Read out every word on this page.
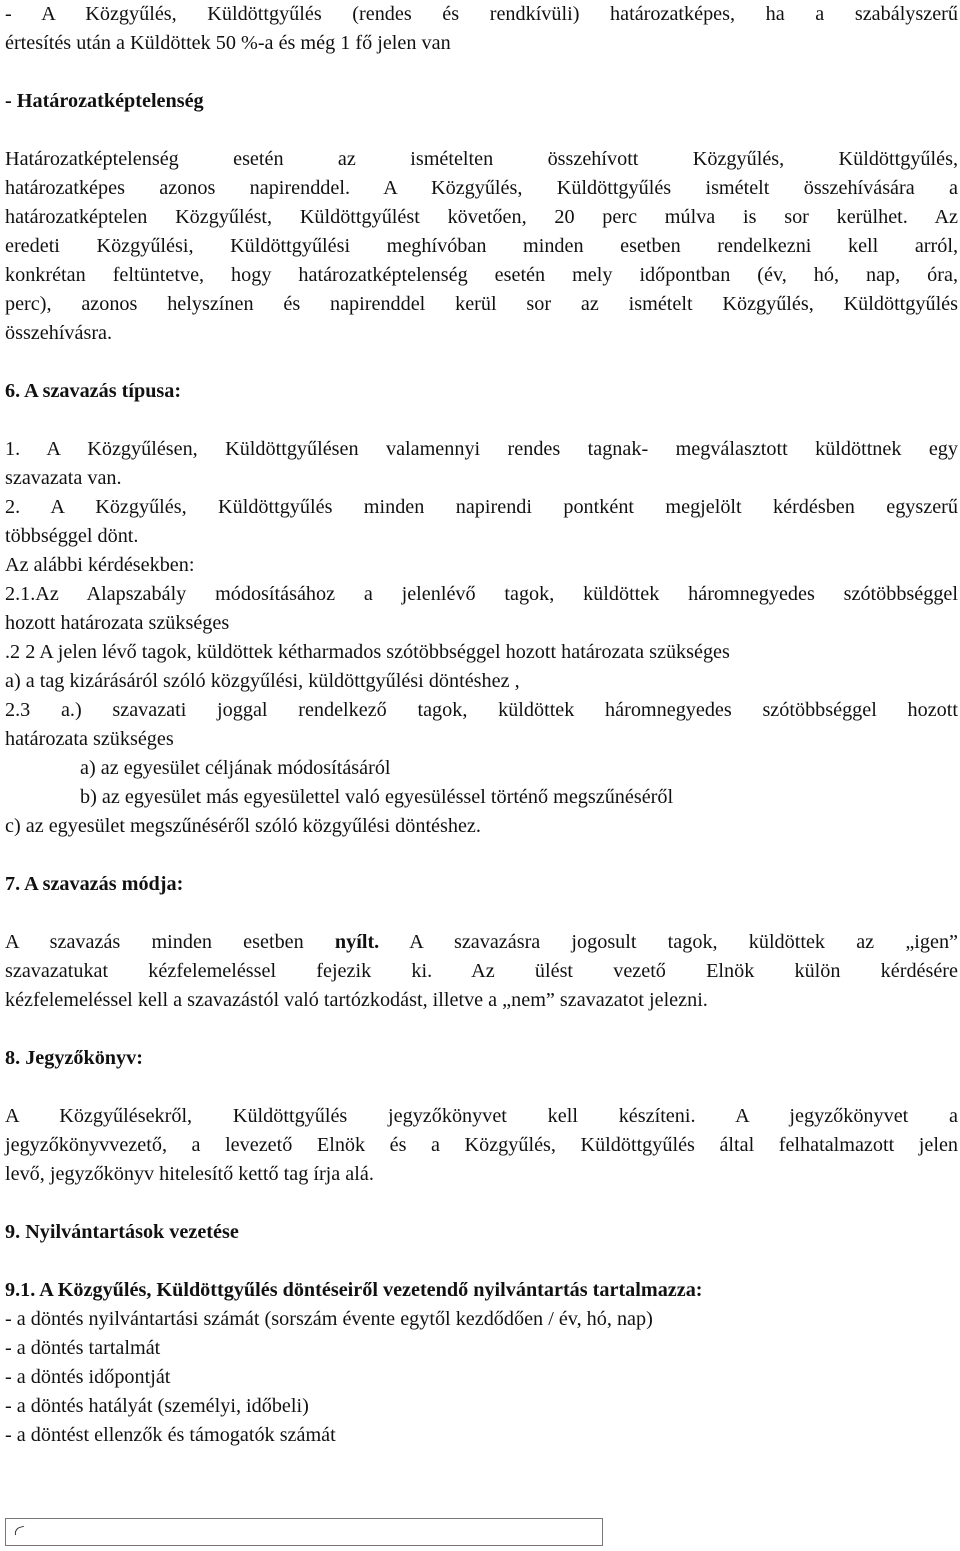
- A Közgyűlés, Küldöttgyűlés (rendes és rendkívüli) határozatképes, ha a szabályszerű
értesítés után a Küldöttek 50 %-a és még 1 fő jelen van
- Határozatképtelenség
Határozatképtelenség esetén az ismételten összehívott Közgyűlés, Küldöttgyűlés,
határozatképes azonos napirenddel. A Közgyűlés, Küldöttgyűlés ismételt összehívására a
határozatképtelen Közgyűlést, Küldöttgyűlést követően, 20 perc múlva is sor kerülhet. Az
eredeti Közgyűlési, Küldöttgyűlési meghívóban minden esetben rendelkezni kell arról,
konkrétan feltüntetve, hogy határozatképtelenség esetén mely időpontban (év, hó, nap, óra,
perc), azonos helyszínen és napirenddel kerül sor az ismételt Közgyűlés, Küldöttgyűlés
összehívásra.
6. A szavazás típusa:
1. A Közgyűlésen, Küldöttgyűlésen valamennyi rendes tagnak- megválasztott küldöttnek egy
szavazata van.
2. A Közgyűlés, Küldöttgyűlés minden napirendi pontként megjelölt kérdésben egyszerű
többséggel dönt.
Az alábbi kérdésekben:
2.1.Az Alapszabály módosításához a jelenlévő tagok, küldöttek háromnegyedes szótöbbséggel
hozott határozata szükséges
.2 2 A jelen lévő tagok, küldöttek kétharmados szótöbbséggel hozott határozata szükséges
a) a tag kizárásáról szóló közgyűlési, küldöttgyűlési döntéshez ,
2.3 a.) szavazati joggal rendelkező tagok, küldöttek háromnegyedes szótöbbséggel hozott
határozata szükséges
a) az egyesület céljának módosításáról
b) az egyesület más egyesülettel való egyesüléssel történő megszűnéséről
c) az egyesület megszűnéséről szóló közgyűlési döntéshez.
7. A szavazás módja:
A szavazás minden esetben nyílt. A szavazásra jogosult tagok, küldöttek az „igen”
szavazatukat kézfelemeléssel fejezik ki. Az ülést vezető Elnök külön kérdésére
kézfelemeléssel kell a szavazástól való tartózkodást, illetve a „nem” szavazatot jelezni.
8. Jegyzőkönyv:
A Közgyűlésekről, Küldöttgyűlés jegyzőkönyvet kell készíteni. A jegyzőkönyvet a
jegyzőkönyvvezető, a levezető Elnök és a Közgyűlés, Küldöttgyűlés által felhatalmazott jelen
levő, jegyzőkönyv hitelesítő kettő tag írja alá.
9. Nyilvántartások vezetése
9.1. A Közgyűlés, Küldöttgyűlés döntéseiről vezetendő nyilvántartás tartalmazza:
- a döntés nyilvántartási számát (sorszám évente egytől kezdődően / év, hó, nap)
- a döntés tartalmát
- a döntés időpontját
- a döntés hatályát (személyi, időbeli)
- a döntést ellenzők és támogatók számát
